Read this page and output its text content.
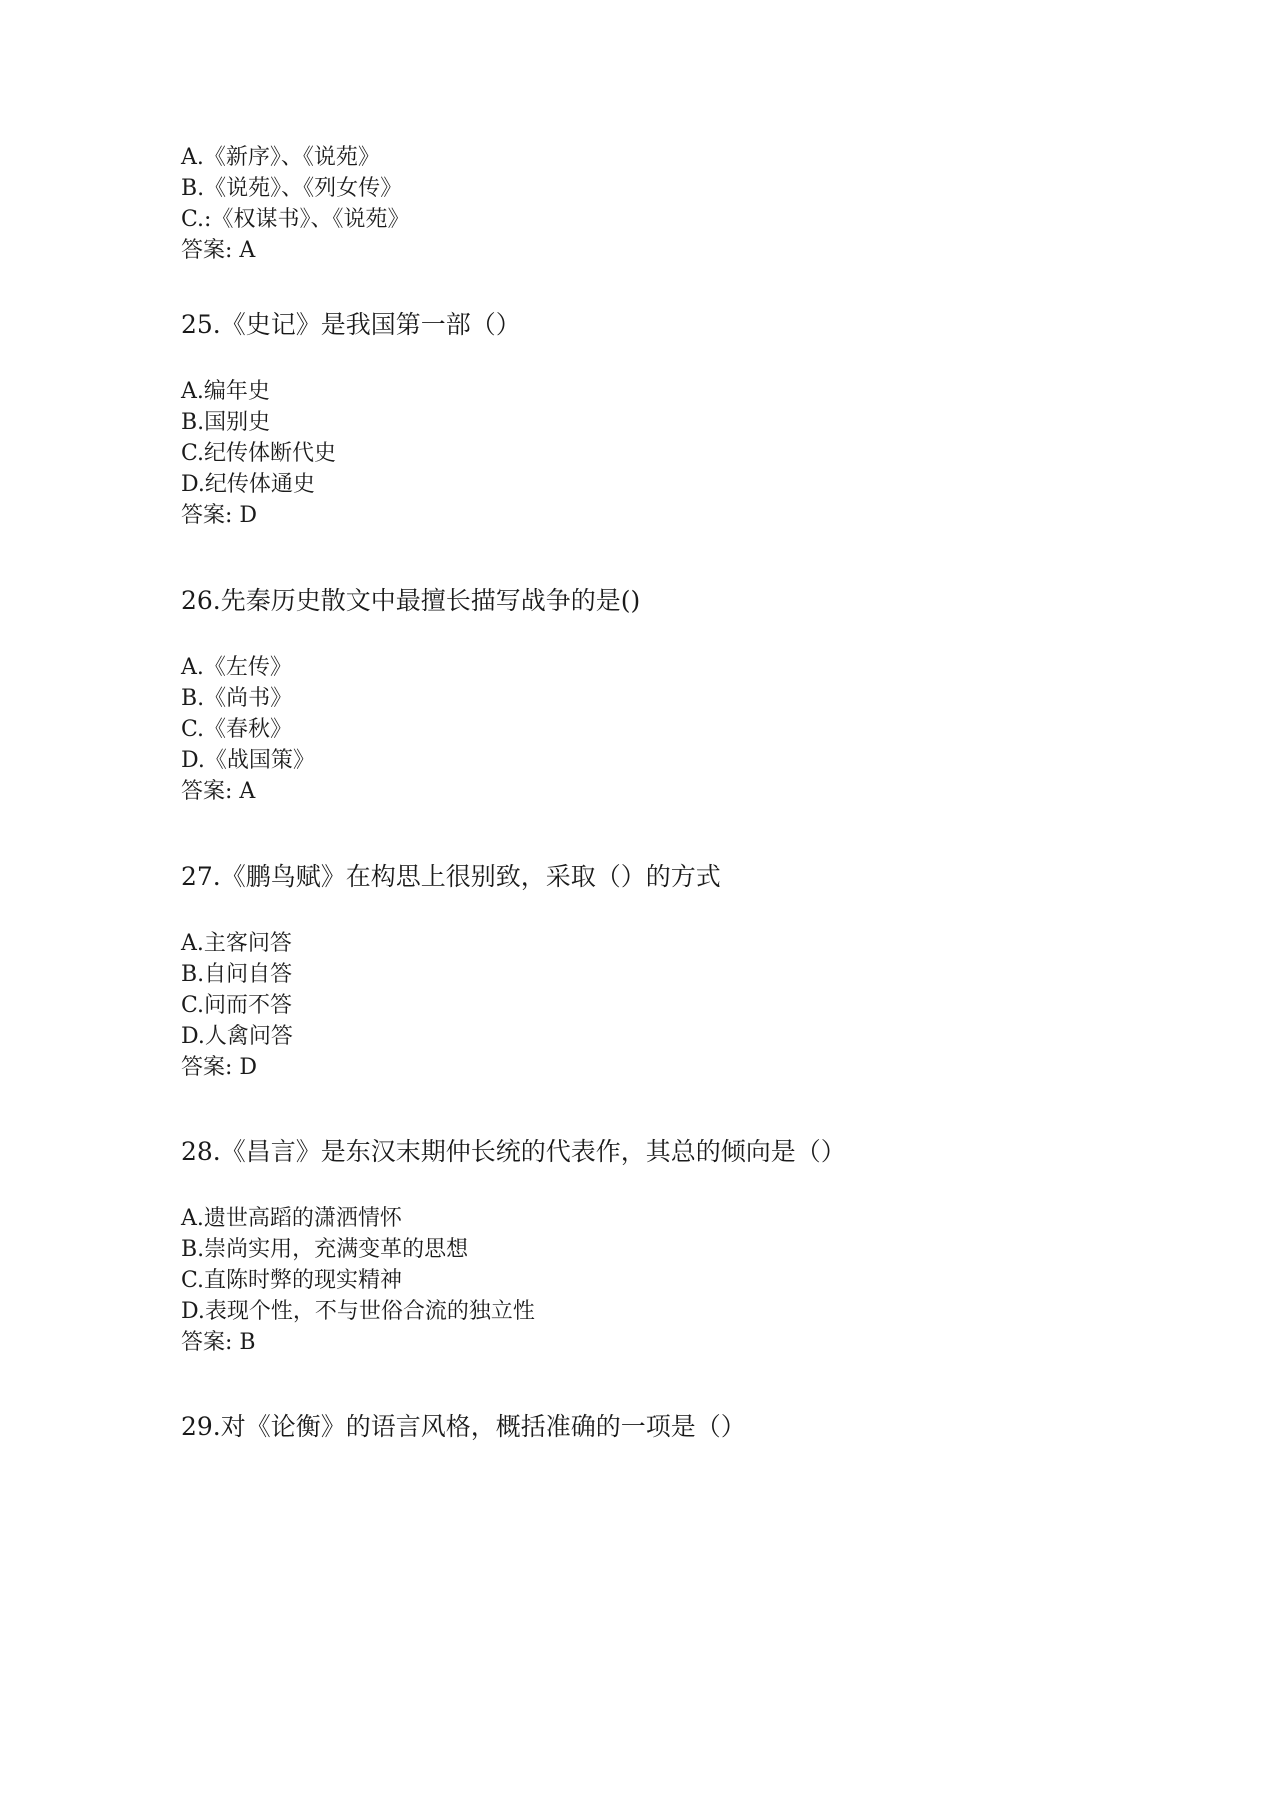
A.《新序》、《说苑》
B.《说苑》、《列女传》
C.:《权谋书》、《说苑》
答案: A
25.《史记》是我国第一部（）
A.编年史
B.国别史
C.纪传体断代史
D.纪传体通史
答案: D
26.先秦历史散文中最擅长描写战争的是()
A.《左传》
B.《尚书》
C.《春秋》
D.《战国策》
答案: A
27.《鹏鸟赋》在构思上很别致，采取（）的方式
A.主客问答
B.自问自答
C.问而不答
D.人禽问答
答案: D
28.《昌言》是东汉末期仲长统的代表作，其总的倾向是（）
A.遗世高蹈的潇洒情怀
B.崇尚实用，充满变革的思想
C.直陈时弊的现实精神
D.表现个性，不与世俗合流的独立性
答案: B
29.对《论衡》的语言风格，概括准确的一项是（）
